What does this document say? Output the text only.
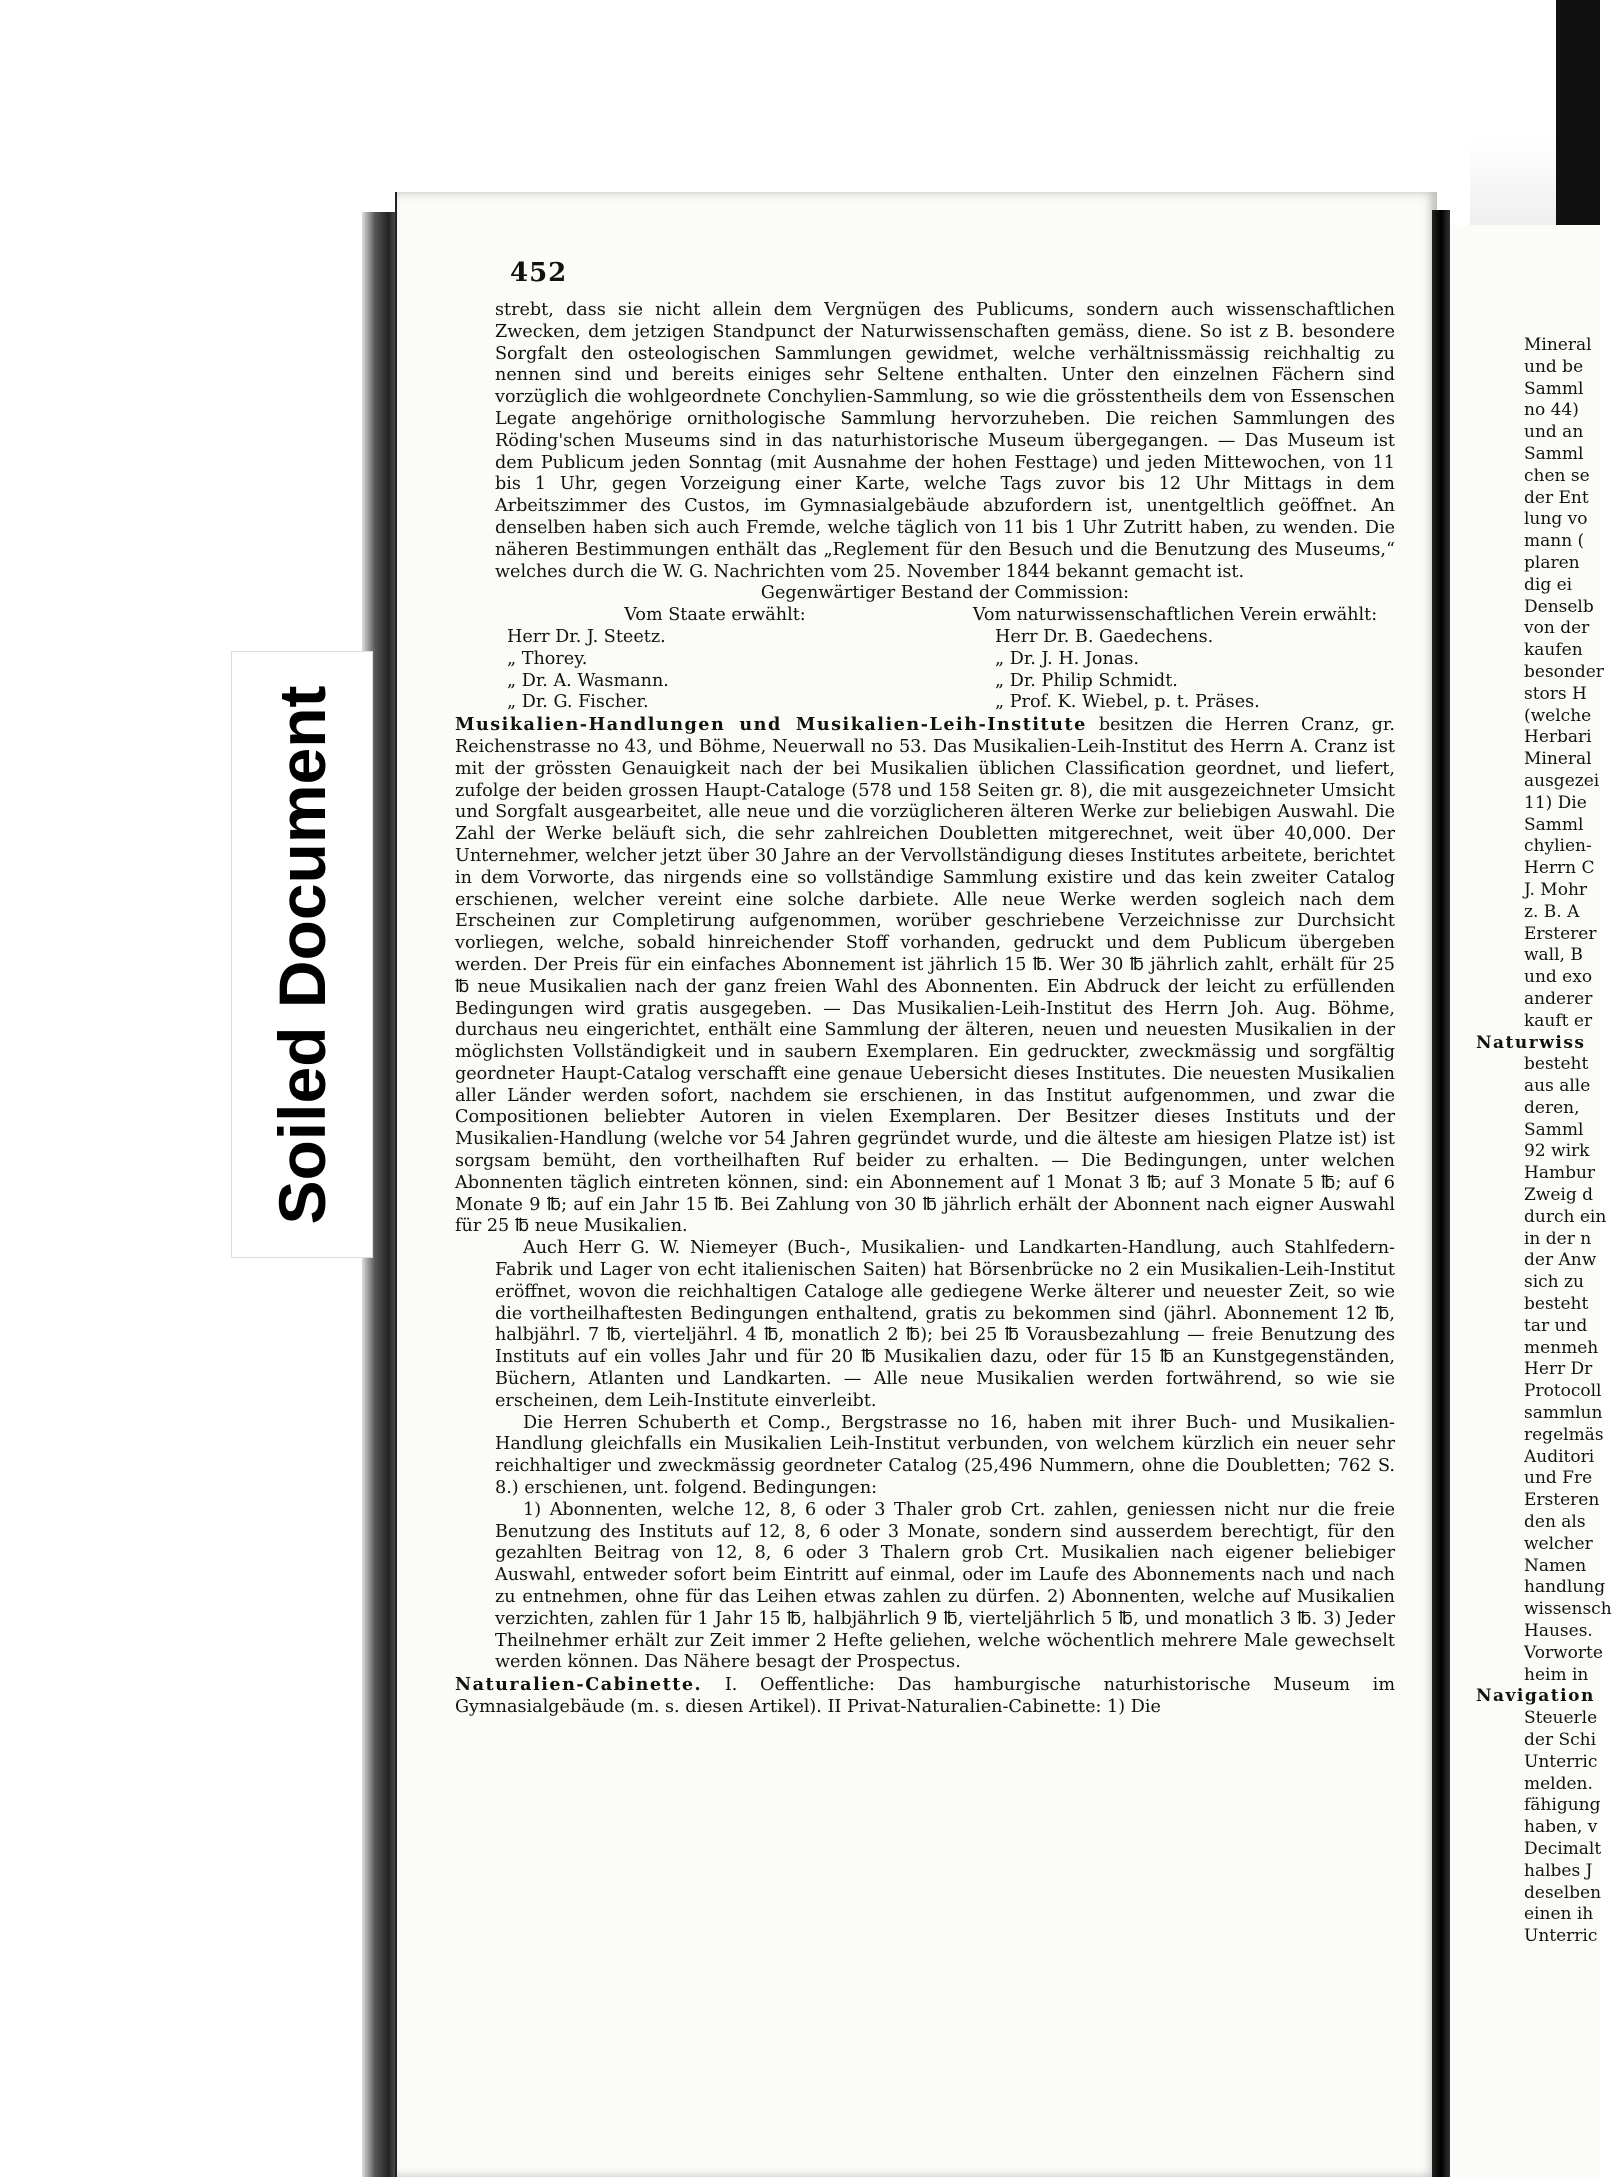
452

strebt, dass sie nicht allein dem Vergnügen des Publicums, sondern auch wissenschaftlichen Zwecken, dem jetzigen Standpunct der Naturwissenschaften gemäss, diene. So ist z B. besondere Sorgfalt den osteologischen Sammlungen gewidmet, welche verhältnissmässig reichhaltig zu nennen sind und bereits einiges sehr Seltene enthalten. Unter den einzelnen Fächern sind vorzüglich die wohlgeordnete Conchylien-Sammlung, so wie die grösstentheils dem von Essenschen Legate angehörige ornithologische Sammlung hervorzuheben. Die reichen Sammlungen des Röding'schen Museums sind in das naturhistorische Museum übergegangen. — Das Museum ist dem Publicum jeden Sonntag (mit Ausnahme der hohen Festtage) und jeden Mittewochen, von 11 bis 1 Uhr, gegen Vorzeigung einer Karte, welche Tags zuvor bis 12 Uhr Mittags in dem Arbeitszimmer des Custos, im Gymnasialgebäude abzufordern ist, unentgeltlich geöffnet. An denselben haben sich auch Fremde, welche täglich von 11 bis 1 Uhr Zutritt haben, zu wenden. Die näheren Bestimmungen enthält das „Reglement für den Besuch und die Benutzung des Museums,“ welches durch die W. G. Nachrichten vom 25. November 1844 bekannt gemacht ist.

Gegenwärtiger Bestand der Commission:
Vom Staate erwählt:	Vom naturwissenschaftlichen Verein erwählt:
Herr Dr. J. Steetz.	Herr Dr. B. Gaedechens.
„ Thorey.	„ Dr. J. H. Jonas.
„ Dr. A. Wasmann.	„ Dr. Philip Schmidt.
„ Dr. G. Fischer.	„ Prof. K. Wiebel, p. t. Präses.

Musikalien-Handlungen und Musikalien-Leih-Institute besitzen die Herren Cranz, gr. Reichenstrasse no 43, und Böhme, Neuerwall no 53. Das Musikalien-Leih-Institut des Herrn A. Cranz ist mit der grössten Genauigkeit nach der bei Musikalien üblichen Classification geordnet, und liefert, zufolge der beiden grossen Haupt-Cataloge (578 und 158 Seiten gr. 8), die mit ausgezeichneter Umsicht und Sorgfalt ausgearbeitet, alle neue und die vorzüglicheren älteren Werke zur beliebigen Auswahl. Die Zahl der Werke beläuft sich, die sehr zahlreichen Doubletten mitgerechnet, weit über 40,000. Der Unternehmer, welcher jetzt über 30 Jahre an der Vervollständigung dieses Institutes arbeitete, berichtet in dem Vorworte, das nirgends eine so vollständige Sammlung existire und das kein zweiter Catalog erschienen, welcher vereint eine solche darbiete. Alle neue Werke werden sogleich nach dem Erscheinen zur Completirung aufgenommen, worüber geschriebene Verzeichnisse zur Durchsicht vorliegen, welche, sobald hinreichender Stoff vorhanden, gedruckt und dem Publicum übergeben werden. Der Preis für ein einfaches Abonnement ist jährlich 15 ℔. Wer 30 ℔ jährlich zahlt, erhält für 25 ℔ neue Musikalien nach der ganz freien Wahl des Abonnenten. Ein Abdruck der leicht zu erfüllenden Bedingungen wird gratis ausgegeben. — Das Musikalien-Leih-Institut des Herrn Joh. Aug. Böhme, durchaus neu eingerichtet, enthält eine Sammlung der älteren, neuen und neuesten Musikalien in der möglichsten Vollständigkeit und in saubern Exemplaren. Ein gedruckter, zweckmässig und sorgfältig geordneter Haupt-Catalog verschafft eine genaue Uebersicht dieses Institutes. Die neuesten Musikalien aller Länder werden sofort, nachdem sie erschienen, in das Institut aufgenommen, und zwar die Compositionen beliebter Autoren in vielen Exemplaren. Der Besitzer dieses Instituts und der Musikalien-Handlung (welche vor 54 Jahren gegründet wurde, und die älteste am hiesigen Platze ist) ist sorgsam bemüht, den vortheilhaften Ruf beider zu erhalten. — Die Bedingungen, unter welchen Abonnenten täglich eintreten können, sind: ein Abonnement auf 1 Monat 3 ℔; auf 3 Monate 5 ℔; auf 6 Monate 9 ℔; auf ein Jahr 15 ℔. Bei Zahlung von 30 ℔ jährlich erhält der Abonnent nach eigner Auswahl für 25 ℔ neue Musikalien.

Auch Herr G. W. Niemeyer (Buch-, Musikalien- und Landkarten-Handlung, auch Stahlfedern-Fabrik und Lager von echt italienischen Saiten) hat Börsenbrücke no 2 ein Musikalien-Leih-Institut eröffnet, wovon die reichhaltigen Cataloge alle gediegene Werke älterer und neuester Zeit, so wie die vortheilhaftesten Bedingungen enthaltend, gratis zu bekommen sind (jährl. Abonnement 12 ℔, halbjährl. 7 ℔, vierteljährl. 4 ℔, monatlich 2 ℔); bei 25 ℔ Vorausbezahlung — freie Benutzung des Instituts auf ein volles Jahr und für 20 ℔ Musikalien dazu, oder für 15 ℔ an Kunstgegenständen, Büchern, Atlanten und Landkarten. — Alle neue Musikalien werden fortwährend, so wie sie erscheinen, dem Leih-Institute einverleibt.

Die Herren Schuberth et Comp., Bergstrasse no 16, haben mit ihrer Buch- und Musikalien-Handlung gleichfalls ein Musikalien Leih-Institut verbunden, von welchem kürzlich ein neuer sehr reichhaltiger und zweckmässig geordneter Catalog (25,496 Nummern, ohne die Doubletten; 762 S. 8.) erschienen, unt. folgend. Bedingungen:

1) Abonnenten, welche 12, 8, 6 oder 3 Thaler grob Crt. zahlen, geniessen nicht nur die freie Benutzung des Instituts auf 12, 8, 6 oder 3 Monate, sondern sind ausserdem berechtigt, für den gezahlten Beitrag von 12, 8, 6 oder 3 Thalern grob Crt. Musikalien nach eigener beliebiger Auswahl, entweder sofort beim Eintritt auf einmal, oder im Laufe des Abonnements nach und nach zu entnehmen, ohne für das Leihen etwas zahlen zu dürfen. 2) Abonnenten, welche auf Musikalien verzichten, zahlen für 1 Jahr 15 ℔, halbjährlich 9 ℔, vierteljährlich 5 ℔, und monatlich 3 ℔. 3) Jeder Theilnehmer erhält zur Zeit immer 2 Hefte geliehen, welche wöchentlich mehrere Male gewechselt werden können. Das Nähere besagt der Prospectus.

Naturalien-Cabinette. I. Oeffentliche: Das hamburgische naturhistorische Museum im Gymnasialgebäude (m. s. diesen Artikel). II Privat-Naturalien-Cabinette: 1) Die

Mineral
und be
Samml
no 44)
und an
Samml
chen se
der Ent
lung vo
mann (
plaren
dig ei
Denselb
von der
kaufen
besonder
stors H
(welche
Herbari
Mineral
ausgezei
11) Die
Samml
chylien-
Herrn C
J. Mohr
z. B. A
Ersterer
wall, B
und exo
anderer
kauft er
Naturwiss
besteht
aus alle
deren,
Samml
92 wirk
Hambur
Zweig d
durch ein
in der n
der Anw
sich zu
besteht
tar und
menmeh
Herr Dr
Protocoll
sammlun
regelmäs
Auditori
und Fre
Ersteren
den als
welcher
Namen
handlung
wissensch
Hauses.
Vorworte
heim in
Navigation
Steuerle
der Schi
Unterric
melden.
fähigung
haben, v
Decimalt
halbes J
deselben
einen ih
Unterric
Soiled Document
